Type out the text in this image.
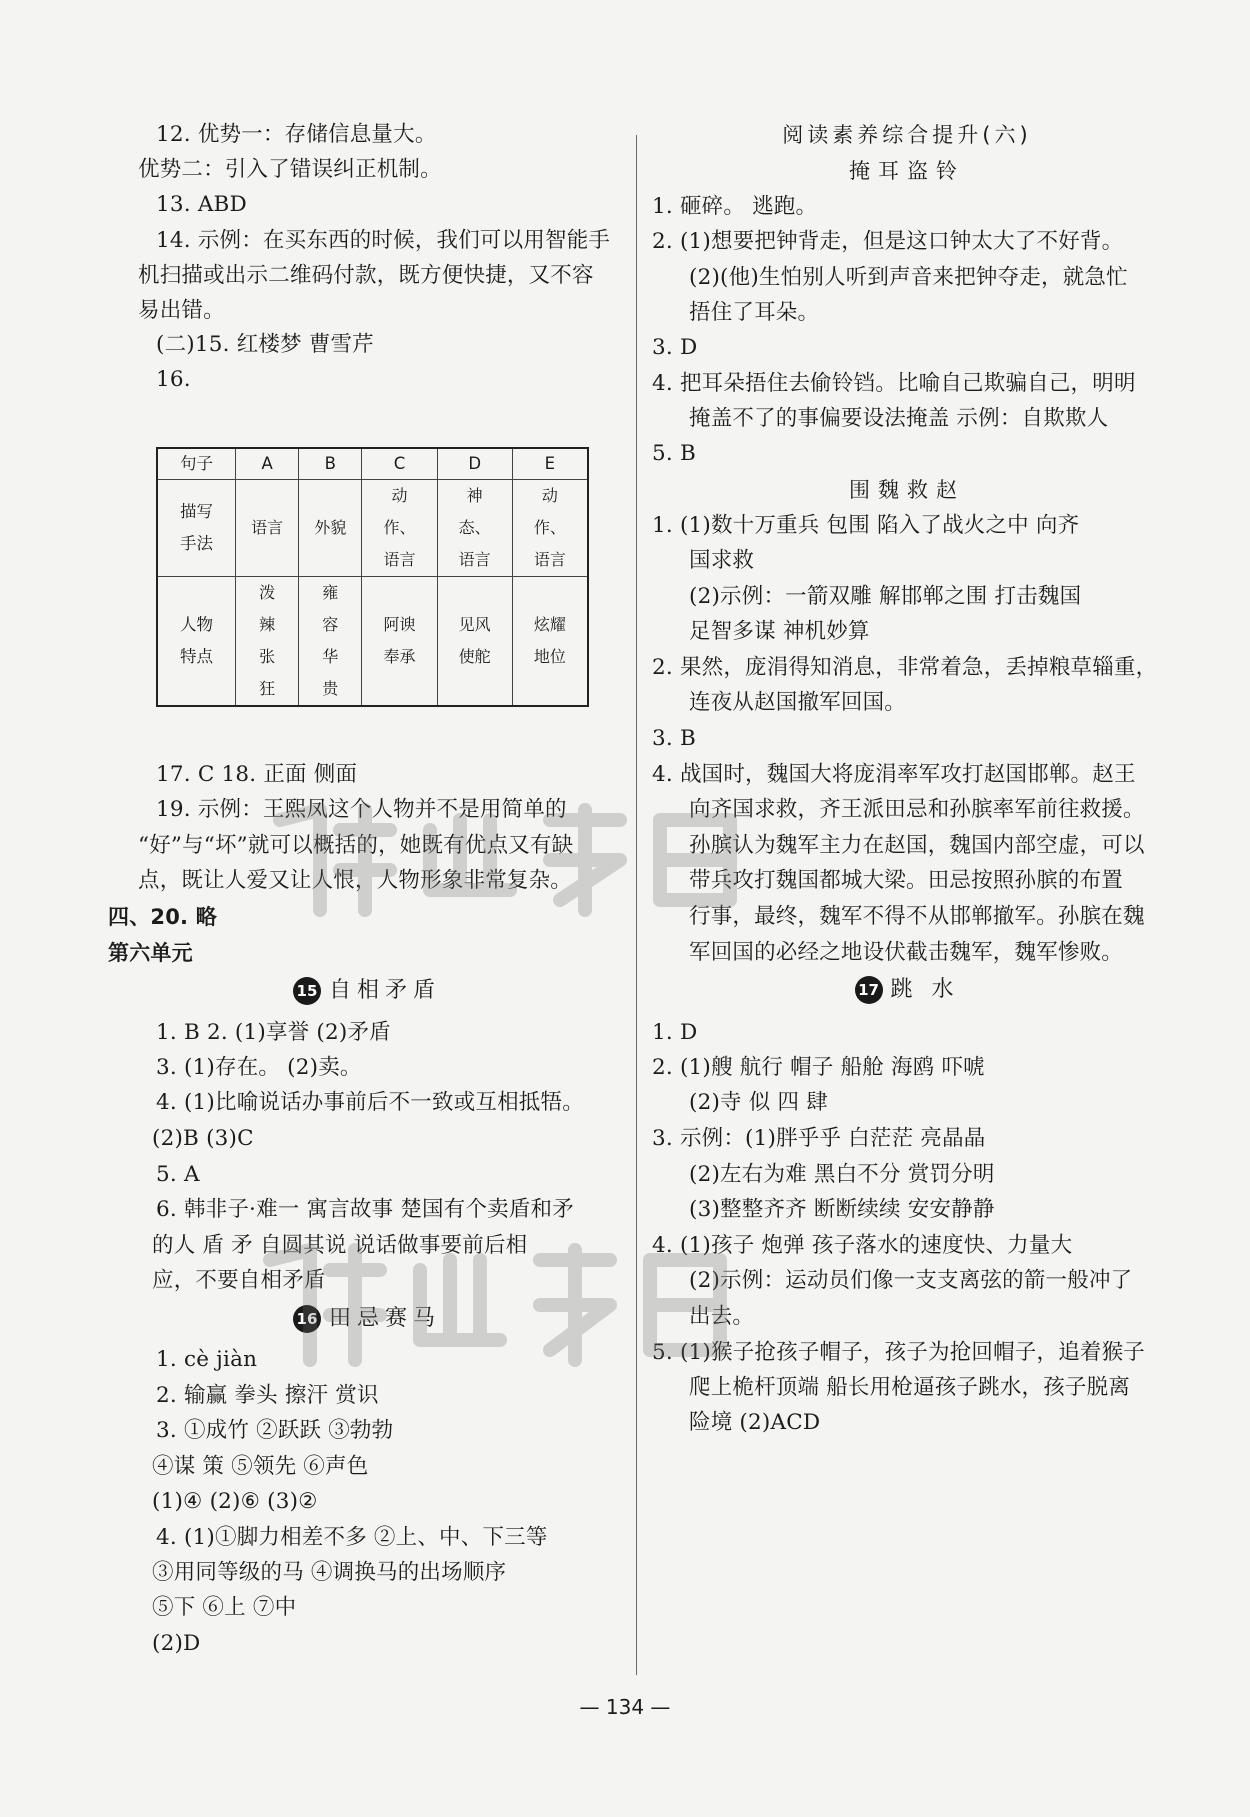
12. 优势一：存储信息量大。
优势二：引入了错误纠正机制。
13. ABD
14. 示例：在买东西的时候，我们可以用智能手
机扫描或出示二维码付款，既方便快捷，又不容
易出错。
(二)15. 红楼梦 曹雪芹
16.
17. C 18. 正面 侧面
19. 示例：王熙凤这个人物并不是用简单的
“好”与“坏”就可以概括的，她既有优点又有缺
点，既让人爱又让人恨，人物形象非常复杂。
四、20. 略
第六单元
15 自相矛盾
1. B 2. (1)享誉 (2)矛盾
3. (1)存在。 (2)卖。
4. (1)比喻说话办事前后不一致或互相抵牾。
(2)B (3)C
5. A
6. 韩非子·难一 寓言故事 楚国有个卖盾和矛
的人 盾 矛 自圆其说 说话做事要前后相
应，不要自相矛盾
16 田忌赛马
1. cè jiàn
2. 输赢 拳头 擦汗 赏识
3. ①成竹 ②跃跃 ③勃勃
④谋 策 ⑤领先 ⑥声色
(1)④ (2)⑥ (3)②
4. (1)①脚力相差不多 ②上、中、下三等
③用同等级的马 ④调换马的出场顺序
⑤下 ⑥上 ⑦中
(2)D
句子	A	B	C	D	E
描写手法	语言	外貌	动作、语言	神态、语言	动作、语言
人物特点	泼辣张狂	雍容华贵	阿谀奉承	见风使舵	炫耀地位
阅读素养综合提升(六)
掩耳盗铃
1. 砸碎。 逃跑。
2. (1)想要把钟背走，但是这口钟太大了不好背。
(2)(他)生怕别人听到声音来把钟夺走，就急忙
捂住了耳朵。
3. D
4. 把耳朵捂住去偷铃铛。比喻自己欺骗自己，明明
掩盖不了的事偏要设法掩盖 示例：自欺欺人
5. B
围魏救赵
1. (1)数十万重兵 包围 陷入了战火之中 向齐
国求救
(2)示例：一箭双雕 解邯郸之围 打击魏国
足智多谋 神机妙算
2. 果然，庞涓得知消息，非常着急，丢掉粮草辎重，
连夜从赵国撤军回国。
3. B
4. 战国时，魏国大将庞涓率军攻打赵国邯郸。赵王
向齐国求救，齐王派田忌和孙膑率军前往救援。
孙膑认为魏军主力在赵国，魏国内部空虚，可以
带兵攻打魏国都城大梁。田忌按照孙膑的布置
行事，最终，魏军不得不从邯郸撤军。孙膑在魏
军回国的必经之地设伏截击魏军，魏军惨败。
17 跳 水
1. D
2. (1)艘 航行 帽子 船舱 海鸥 吓唬
(2)寺 似 四 肆
3. 示例：(1)胖乎乎 白茫茫 亮晶晶
(2)左右为难 黑白不分 赏罚分明
(3)整整齐齐 断断续续 安安静静
4. (1)孩子 炮弹 孩子落水的速度快、力量大
(2)示例：运动员们像一支支离弦的箭一般冲了
出去。
5. (1)猴子抢孩子帽子，孩子为抢回帽子，追着猴子
爬上桅杆顶端 船长用枪逼孩子跳水，孩子脱离
险境 (2)ACD
— 134 —
